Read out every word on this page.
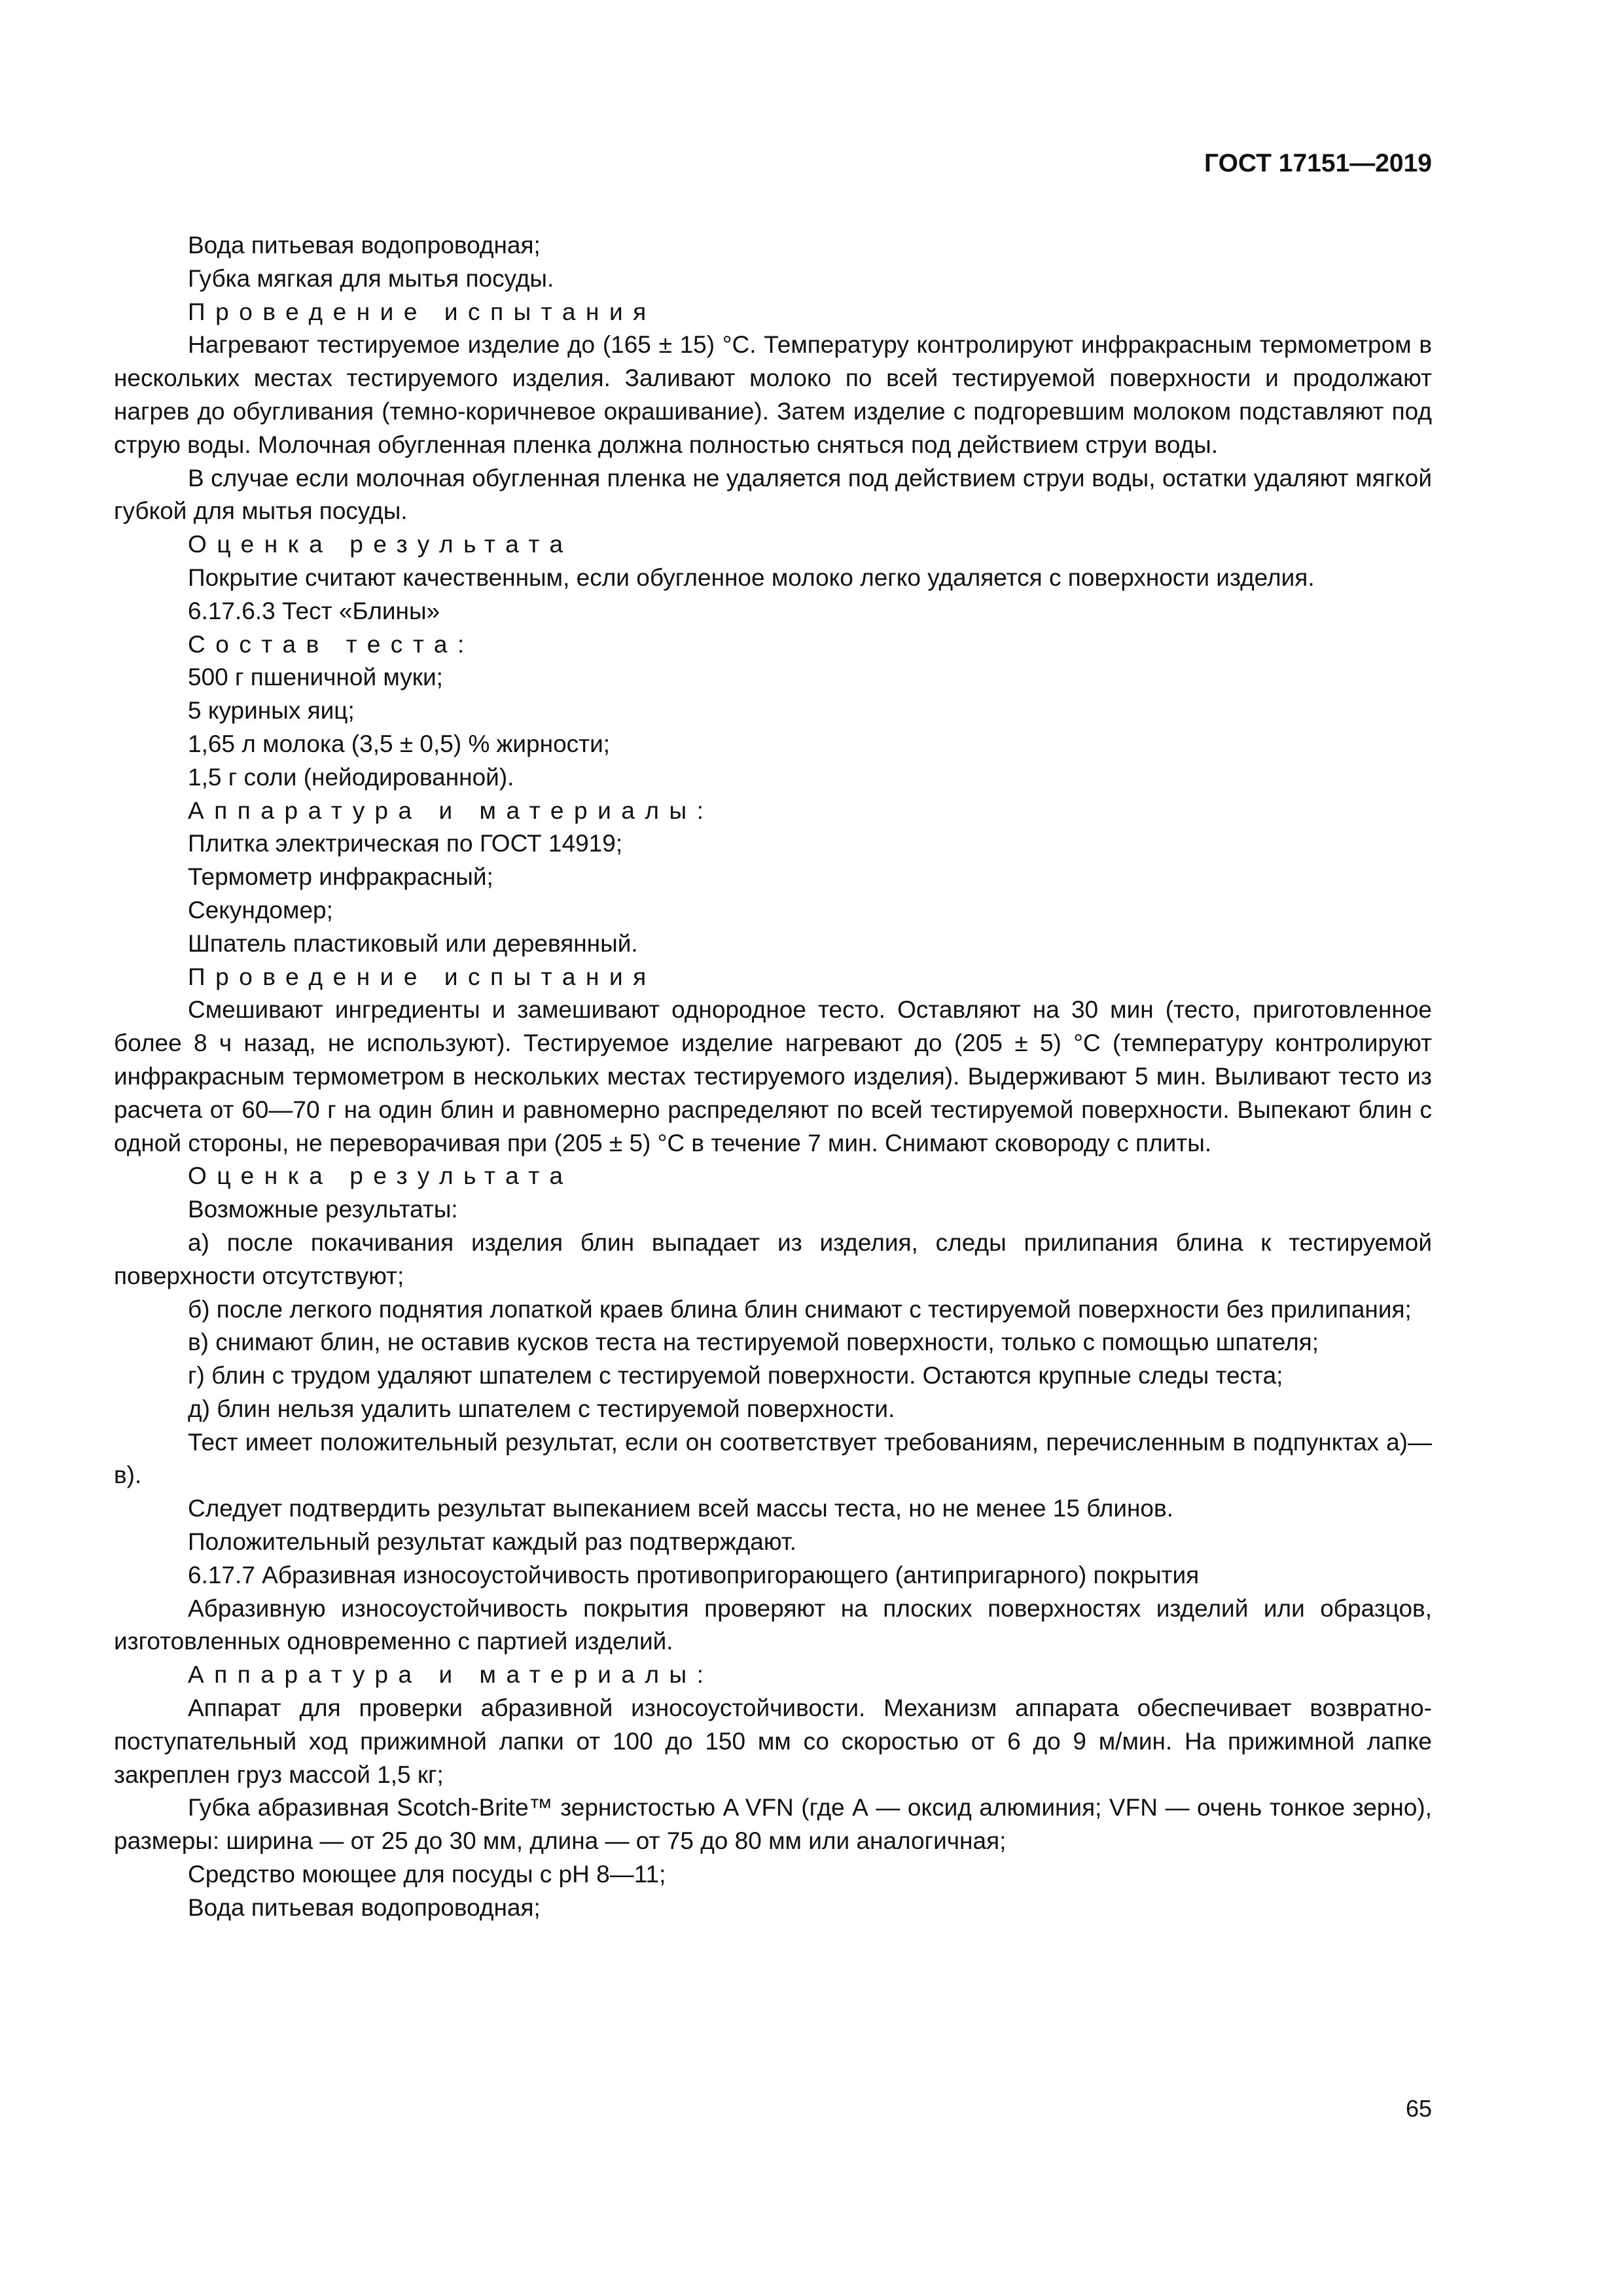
ГОСТ 17151—2019

Вода питьевая водопроводная;

Губка мягкая для мытья посуды.

Проведение испытания

Нагревают тестируемое изделие до (165 ± 15) °С. Температуру контролируют инфракрасным термометром в нескольких местах тестируемого изделия. Заливают молоко по всей тестируемой поверхности и продолжают нагрев до обугливания (темно-коричневое окрашивание). Затем изделие с подгоревшим молоком подставляют под струю воды. Молочная обугленная пленка должна полностью сняться под действием струи воды.

В случае если молочная обугленная пленка не удаляется под действием струи воды, остатки удаляют мягкой губкой для мытья посуды.

Оценка результата

Покрытие считают качественным, если обугленное молоко легко удаляется с поверхности изделия.

6.17.6.3 Тест «Блины»

Состав теста:

500 г пшеничной муки;

5 куриных яиц;

1,65 л молока (3,5 ± 0,5) % жирности;

1,5 г соли (нейодированной).

Аппаратура и материалы:

Плитка электрическая по ГОСТ 14919;

Термометр инфракрасный;

Секундомер;

Шпатель пластиковый или деревянный.

Проведение испытания

Смешивают ингредиенты и замешивают однородное тесто. Оставляют на 30 мин (тесто, приготовленное более 8 ч назад, не используют). Тестируемое изделие нагревают до (205 ± 5) °С (температуру контролируют инфракрасным термометром в нескольких местах тестируемого изделия). Выдерживают 5 мин. Выливают тесто из расчета от 60—70 г на один блин и равномерно распределяют по всей тестируемой поверхности. Выпекают блин с одной стороны, не переворачивая при (205 ± 5) °С в течение 7 мин. Снимают сковороду с плиты.

Оценка результата

Возможные результаты:

а) после покачивания изделия блин выпадает из изделия, следы прилипания блина к тестируемой поверхности отсутствуют;

б) после легкого поднятия лопаткой краев блина блин снимают с тестируемой поверхности без прилипания;

в) снимают блин, не оставив кусков теста на тестируемой поверхности, только с помощью шпателя;

г) блин с трудом удаляют шпателем с тестируемой поверхности. Остаются крупные следы теста;

д) блин нельзя удалить шпателем с тестируемой поверхности.

Тест имеет положительный результат, если он соответствует требованиям, перечисленным в подпунктах а)—в).

Следует подтвердить результат выпеканием всей массы теста, но не менее 15 блинов.

Положительный результат каждый раз подтверждают.

6.17.7 Абразивная износоустойчивость противопригорающего (антипригарного) покрытия

Абразивную износоустойчивость покрытия проверяют на плоских поверхностях изделий или образцов, изготовленных одновременно с партией изделий.

Аппаратура и материалы:

Аппарат для проверки абразивной износоустойчивости. Механизм аппарата обеспечивает возвратно-поступательный ход прижимной лапки от 100 до 150 мм со скоростью от 6 до 9 м/мин. На прижимной лапке закреплен груз массой 1,5 кг;

Губка абразивная Scotch-Brite™ зернистостью A VFN (где А — оксид алюминия; VFN — очень тонкое зерно), размеры: ширина — от 25 до 30 мм, длина — от 75 до 80 мм или аналогичная;

Средство моющее для посуды с pH 8—11;

Вода питьевая водопроводная;

65
